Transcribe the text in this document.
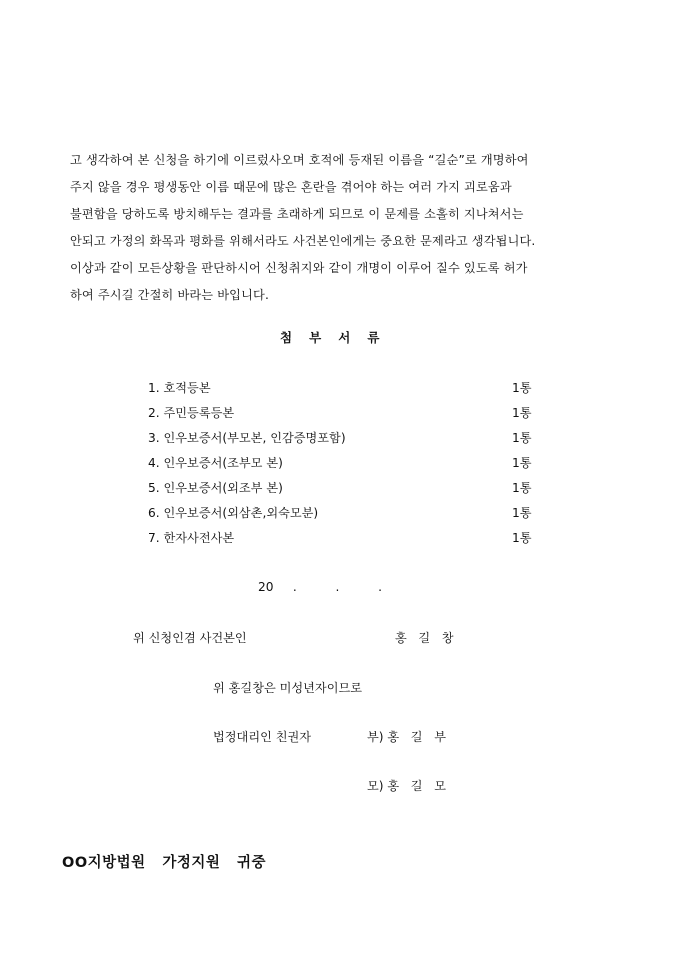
고 생각하여 본 신청을 하기에 이르렀사오며 호적에 등재된 이름을 “길순”로 개명하여
주지 않을 경우 평생동안 이름 때문에 많은 혼란을 겪어야 하는 여러 가지 괴로움과
불편함을 당하도록 방치해두는 결과를 초래하게 되므로 이 문제를 소홀히 지나쳐서는
안되고 가정의 화목과 평화를 위해서라도 사건본인에게는 중요한 문제라고 생각됩니다.
이상과 같이 모든상황을 판단하시어 신청취지와 같이 개명이 이루어 질수 있도록 허가
하여 주시길 간절히 바라는 바입니다.
첨   부   서   류
1. 호적등본	1통
2. 주민등록등본	1통
3. 인우보증서(부모본, 인감증명포함)	1통
4. 인우보증서(조부모 본)	1통
5. 인우보증서(외조부 본)	1통
6. 인우보증서(외삼촌,외숙모분)	1통
7. 한자사전사본	1통
20     .          .          .
위 신청인겸 사건본인	홍   길   창
위 홍길창은 미성년자이므로
법정대리인 친권자	부) 홍   길   부
모) 홍   길   모
OO지방법원   가정지원   귀중
